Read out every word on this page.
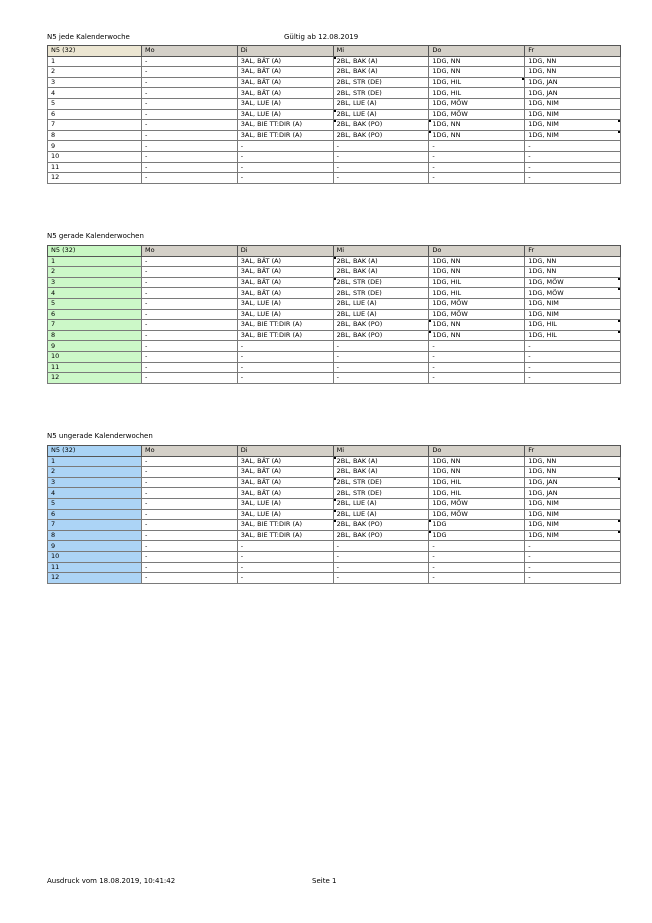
N5 jede Kalenderwoche	Gültig ab 12.08.2019
N5 gerade Kalenderwochen
N5 ungerade Kalenderwochen
N5 (32)	Mo	Di	Mi	Do	Fr
1	-	3AL, BÄT (A)	2BL, BAK (A)	1DG, NN	1DG, NN
2	-	3AL, BÄT (A)	2BL, BAK (A)	1DG, NN	1DG, NN
3	-	3AL, BÄT (A)	2BL, STR (DE)	1DG, HIL	1DG, JAN
4	-	3AL, BÄT (A)	2BL, STR (DE)	1DG, HIL	1DG, JAN
5	-	3AL, LUE (A)	2BL, LUE (A)	1DG, MÖW	1DG, NIM
6	-	3AL, LUE (A)	2BL, LUE (A)	1DG, MÖW	1DG, NIM
7	-	3AL, BIE TT:DIR (A)	2BL, BAK (PO)	1DG, NN	1DG, NIM

8	-	3AL, BIE TT:DIR (A)	2BL, BAK (PO)	1DG, NN	1DG, NIM

9	-	-	-	-	-
10	-	-	-	-	-
11	-	-	-	-	-
12	-	-	-	-	-
N5 (32)	Mo	Di	Mi	Do	Fr
1	-	3AL, BÄT (A)	2BL, BAK (A)	1DG, NN	1DG, NN
2	-	3AL, BÄT (A)	2BL, BAK (A)	1DG, NN	1DG, NN
3	-	3AL, BÄT (A)	2BL, STR (DE)	1DG, HIL	1DG, MÖW

4	-	3AL, BÄT (A)	2BL, STR (DE)	1DG, HIL	1DG, MÖW

5	-	3AL, LUE (A)	2BL, LUE (A)	1DG, MÖW	1DG, NIM
6	-	3AL, LUE (A)	2BL, LUE (A)	1DG, MÖW	1DG, NIM
7	-	3AL, BIE TT:DIR (A)	2BL, BAK (PO)	1DG, NN	1DG, HIL

8	-	3AL, BIE TT:DIR (A)	2BL, BAK (PO)	1DG, NN	1DG, HIL

9	-	-	-	-	-
10	-	-	-	-	-
11	-	-	-	-	-
12	-	-	-	-	-
N5 (32)	Mo	Di	Mi	Do	Fr
1	-	3AL, BÄT (A)	2BL, BAK (A)	1DG, NN	1DG, NN
2	-	3AL, BÄT (A)	2BL, BAK (A)	1DG, NN	1DG, NN
3	-	3AL, BÄT (A)	2BL, STR (DE)	1DG, HIL	1DG, JAN

4	-	3AL, BÄT (A)	2BL, STR (DE)	1DG, HIL	1DG, JAN
5	-	3AL, LUE (A)	2BL, LUE (A)	1DG, MÖW	1DG, NIM
6	-	3AL, LUE (A)	2BL, LUE (A)	1DG, MÖW	1DG, NIM
7	-	3AL, BIE TT:DIR (A)	2BL, BAK (PO)	1DG	1DG, NIM

8	-	3AL, BIE TT:DIR (A)	2BL, BAK (PO)	1DG	1DG, NIM

9	-	-	-	-	-
10	-	-	-	-	-
11	-	-	-	-	-
12	-	-	-	-	-
Ausdruck vom 18.08.2019, 10:41:42	Seite 1
